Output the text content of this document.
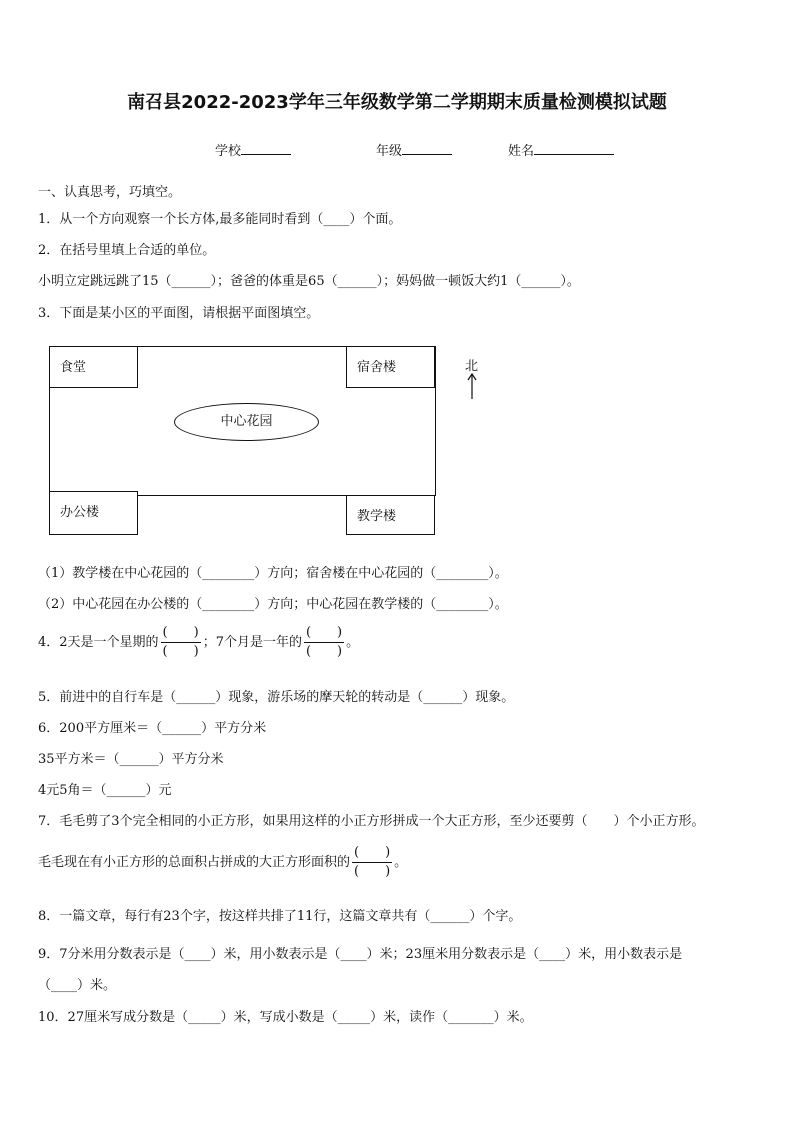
南召县2022-2023学年三年级数学第二学期期末质量检测模拟试题
学校	年级	姓名
一、认真思考，巧填空。
1．从一个方向观察一个长方体,最多能同时看到（____）个面。
2．在括号里填上合适的单位。
小明立定跳远跳了15（______）；爸爸的体重是65（______）；妈妈做一顿饭大约1（______）。
3．下面是某小区的平面图，请根据平面图填空。
食堂	宿舍楼
办公楼	教学楼
中心花园
北
（1）教学楼在中心花园的（________）方向；宿舍楼在中心花园的（________）。
（2）中心花园在办公楼的（________）方向；中心花园在教学楼的（________）。
4．2天是一个星期的 $\frac{( )}{( )}$ ；7个月是一年的 $\frac{( )}{( )}$ 。
5．前进中的自行车是（______）现象，游乐场的摩天轮的转动是（______）现象。
6．200平方厘米＝（______）平方分米
35平方米＝（______）平方分米
4元5角＝（______）元
7．毛毛剪了3个完全相同的小正方形，如果用这样的小正方形拼成一个大正方形，至少还要剪（　　）个小正方形。
毛毛现在有小正方形的总面积占拼成的大正方形面积的 $\frac{( )}{( )}$ 。
8．一篇文章，每行有23个字，按这样共排了11行，这篇文章共有（______）个字。
9．7分米用分数表示是（____）米，用小数表示是（____）米；23厘米用分数表示是（____）米，用小数表示是
（____）米。
10．27厘米写成分数是（_____）米，写成小数是（_____）米，读作（_______）米。
